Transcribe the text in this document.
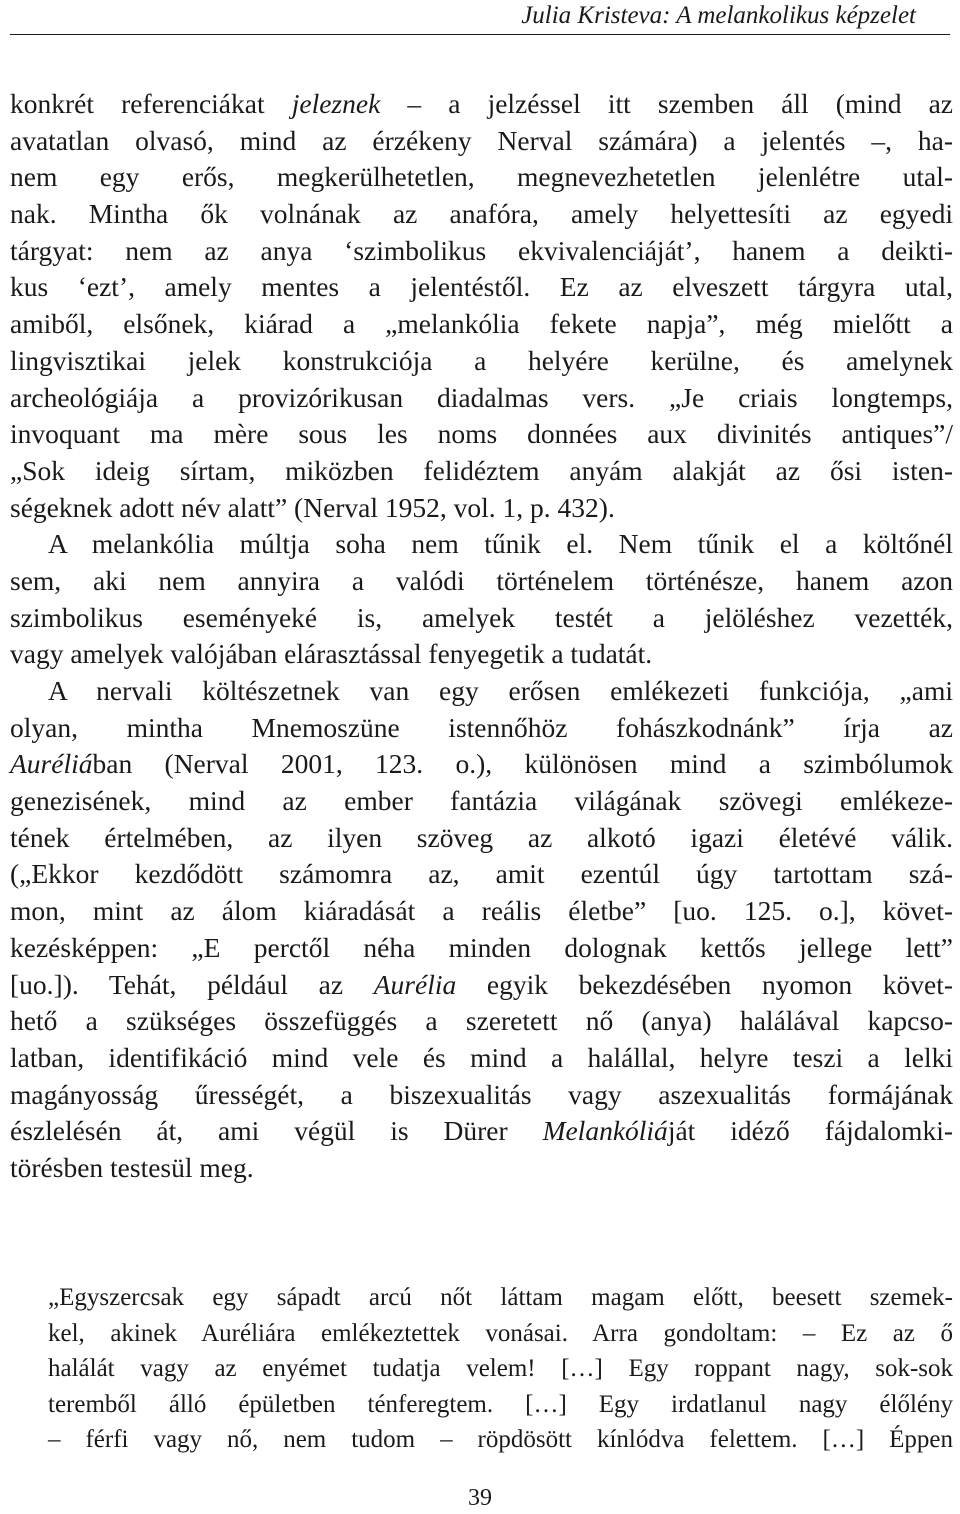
Julia Kristeva: A melankolikus képzelet
konkrét referenciákat jeleznek – a jelzéssel itt szemben áll (mind az
avatatlan olvasó, mind az érzékeny Nerval számára) a jelentés –, ha-
nem egy erős, megkerülhetetlen, megnevezhetetlen jelenlétre utal-
nak. Mintha ők volnának az anafóra, amely helyettesíti az egyedi
tárgyat: nem az anya ‘szimbolikus ekvivalenciáját’, hanem a deikti-
kus ‘ezt’, amely mentes a jelentéstől. Ez az elveszett tárgyra utal,
amiből, elsőnek, kiárad a „melankólia fekete napja”, még mielőtt a
lingvisztikai jelek konstrukciója a helyére kerülne, és amelynek
archeológiája a provizórikusan diadalmas vers. „Je criais longtemps,
invoquant ma mère sous les noms données aux divinités antiques”/
„Sok ideig sírtam, miközben felidéztem anyám alakját az ősi isten-
ségeknek adott név alatt” (Nerval 1952, vol. 1, p. 432).
A melankólia múltja soha nem tűnik el. Nem tűnik el a költőnél
sem, aki nem annyira a valódi történelem történésze, hanem azon
szimbolikus eseményeké is, amelyek testét a jelöléshez vezették,
vagy amelyek valójában elárasztással fenyegetik a tudatát.
A nervali költészetnek van egy erősen emlékezeti funkciója, „ami
olyan, mintha Mnemoszüne istennőhöz fohászkodnánk” írja az
Auréliában (Nerval 2001, 123. o.), különösen mind a szimbólumok
genezisének, mind az ember fantázia világának szövegi emlékeze-
tének értelmében, az ilyen szöveg az alkotó igazi életévé válik.
(„Ekkor kezdődött számomra az, amit ezentúl úgy tartottam szá-
mon, mint az álom kiáradását a reális életbe” [uo. 125. o.], követ-
kezésképpen: „E perctől néha minden dolognak kettős jellege lett”
[uo.]). Tehát, például az Aurélia egyik bekezdésében nyomon követ-
hető a szükséges összefüggés a szeretett nő (anya) halálával kapcso-
latban, identifikáció mind vele és mind a halállal, helyre teszi a lelki
magányosság űrességét, a biszexualitás vagy aszexualitás formájának
észlelésén át, ami végül is Dürer Melankóliáját idéző fájdalomki-
törésben testesül meg.
„Egyszercsak egy sápadt arcú nőt láttam magam előtt, beesett szemek-
kel, akinek Auréliára emlékeztettek vonásai. Arra gondoltam: – Ez az ő
halálát vagy az enyémet tudatja velem! […] Egy roppant nagy, sok-sok
teremből álló épületben ténferegtem. […] Egy irdatlanul nagy élőlény
– férfi vagy nő, nem tudom – röpdösött kínlódva felettem. […] Éppen
39
